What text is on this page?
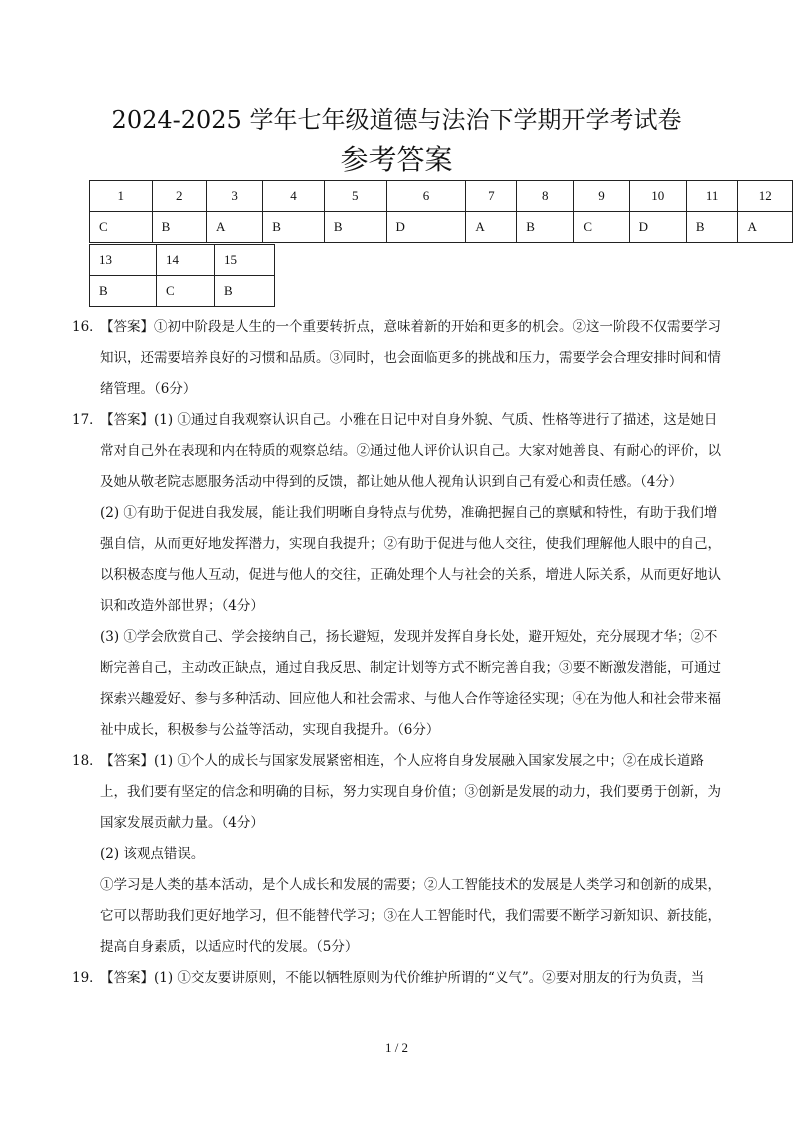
2024-2025 学年七年级道德与法治下学期开学考试卷
参考答案
1	2	3	4	5	6	7	8	9	10	11	12
C	B	A	B	B	D	A	B	C	D	B	A
13	14	15
B	C	B

16．【答案】①初中阶段是人生的一个重要转折点，意味着新的开始和更多的机会。②这一阶段不仅需要学习知识，还需要培养良好的习惯和品质。③同时，也会面临更多的挑战和压力，需要学会合理安排时间和情绪管理。（6分）

17．【答案】(1) ①通过自我观察认识自己。小雅在日记中对自身外貌、气质、性格等进行了描述，这是她日常对自己外在表现和内在特质的观察总结。②通过他人评价认识自己。大家对她善良、有耐心的评价，以及她从敬老院志愿服务活动中得到的反馈，都让她从他人视角认识到自己有爱心和责任感。（4分）

(2) ①有助于促进自我发展，能让我们明晰自身特点与优势，准确把握自己的禀赋和特性，有助于我们增强自信，从而更好地发挥潜力，实现自我提升；②有助于促进与他人交往，使我们理解他人眼中的自己，以积极态度与他人互动，促进与他人的交往，正确处理个人与社会的关系，增进人际关系，从而更好地认识和改造外部世界；（4分）

(3) ①学会欣赏自己、学会接纳自己，扬长避短，发现并发挥自身长处，避开短处，充分展现才华；②不断完善自己，主动改正缺点，通过自我反思、制定计划等方式不断完善自我；③要不断激发潜能，可通过探索兴趣爱好、参与多种活动、回应他人和社会需求、与他人合作等途径实现；④在为他人和社会带来福祉中成长，积极参与公益等活动，实现自我提升。（6分）

18．【答案】(1) ①个人的成长与国家发展紧密相连，个人应将自身发展融入国家发展之中；②在成长道路上，我们要有坚定的信念和明确的目标，努力实现自身价值；③创新是发展的动力，我们要勇于创新，为国家发展贡献力量。（4分）

(2) 该观点错误。

①学习是人类的基本活动，是个人成长和发展的需要；②人工智能技术的发展是人类学习和创新的成果，它可以帮助我们更好地学习，但不能替代学习；③在人工智能时代，我们需要不断学习新知识、新技能，提高自身素质，以适应时代的发展。（5分）

19．【答案】(1) ①交友要讲原则，不能以牺牲原则为代价维护所谓的“义气”。②要对朋友的行为负责，当

1 / 2
